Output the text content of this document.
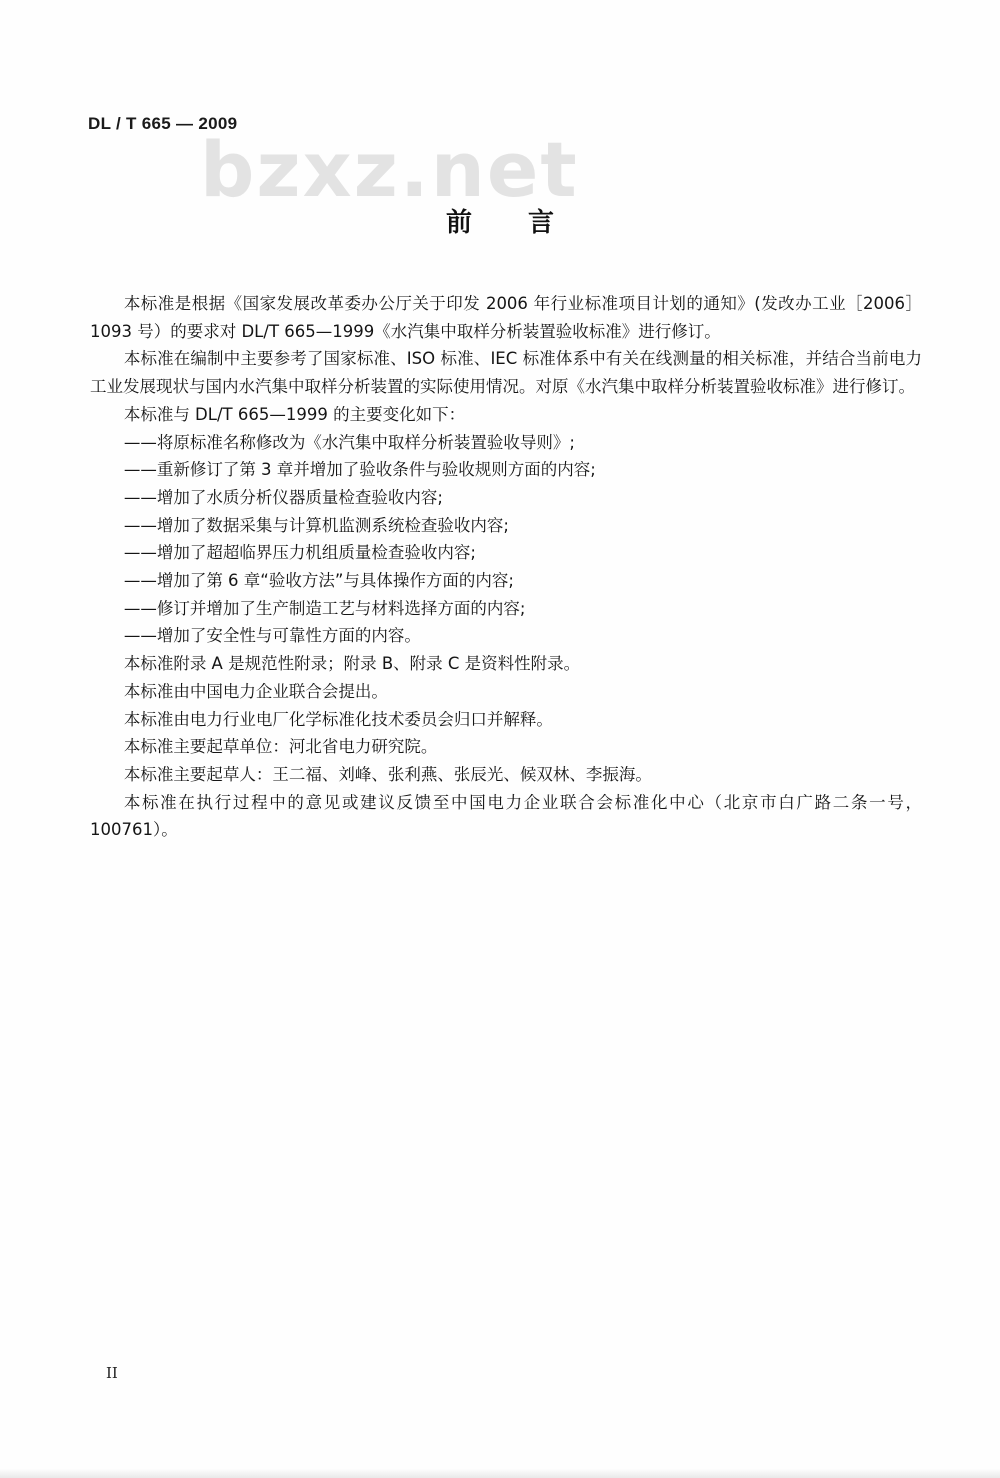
DL / T 665 — 2009
bzxz.net
前言

本标准是根据《国家发展改革委办公厅关于印发 2006 年行业标准项目计划的通知》(发改办工业［2006］1093 号）的要求对 DL/T 665—1999《水汽集中取样分析装置验收标准》进行修订。

本标准在编制中主要参考了国家标准、ISO 标准、IEC 标准体系中有关在线测量的相关标准，并结合当前电力工业发展现状与国内水汽集中取样分析装置的实际使用情况。对原《水汽集中取样分析装置验收标准》进行修订。

本标准与 DL/T 665—1999 的主要变化如下：

——将原标准名称修改为《水汽集中取样分析装置验收导则》;

——重新修订了第 3 章并增加了验收条件与验收规则方面的内容;

——增加了水质分析仪器质量检查验收内容;

——增加了数据采集与计算机监测系统检查验收内容;

——增加了超超临界压力机组质量检查验收内容;

——增加了第 6 章“验收方法”与具体操作方面的内容;

——修订并增加了生产制造工艺与材料选择方面的内容;

——增加了安全性与可靠性方面的内容。

本标准附录 A 是规范性附录；附录 B、附录 C 是资料性附录。

本标准由中国电力企业联合会提出。

本标准由电力行业电厂化学标准化技术委员会归口并解释。

本标准主要起草单位：河北省电力研究院。

本标准主要起草人：王二福、刘峰、张利燕、张辰光、候双林、李振海。

本标准在执行过程中的意见或建议反馈至中国电力企业联合会标准化中心（北京市白广路二条一号，100761）。

II
